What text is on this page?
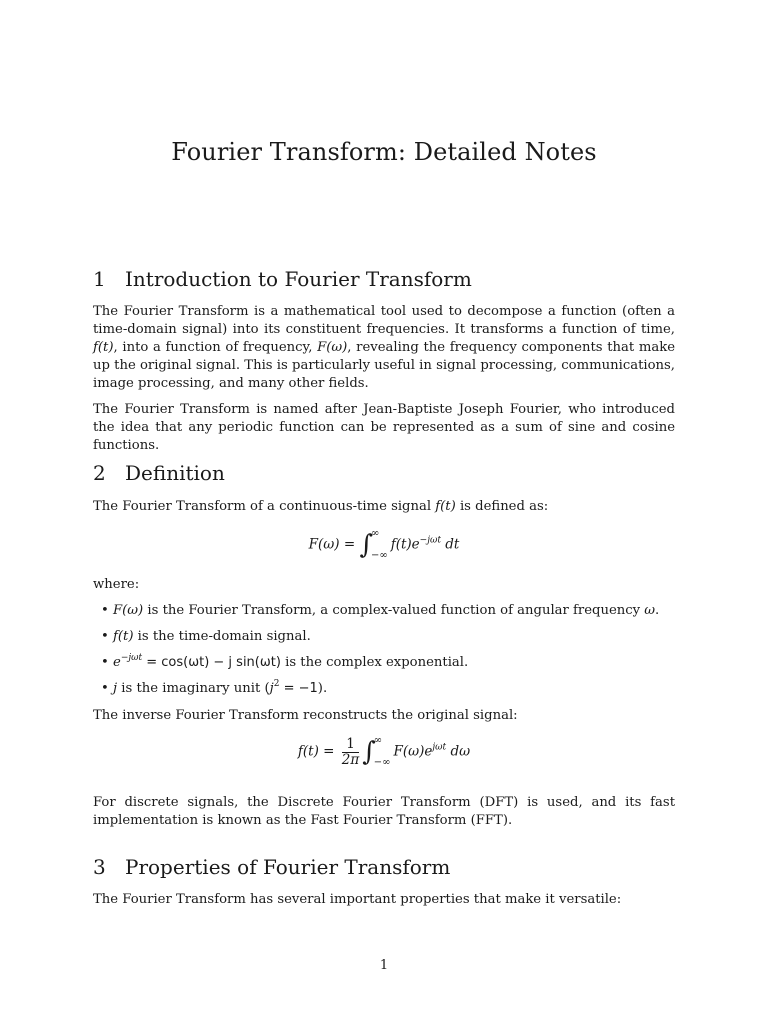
Fourier Transform: Detailed Notes
1 Introduction to Fourier Transform
The Fourier Transform is a mathematical tool used to decompose a function (often a time-domain signal) into its constituent frequencies. It transforms a function of time, f(t), into a function of frequency, F(ω), revealing the frequency components that make up the original signal. This is particularly useful in signal processing, communications, image processing, and many other fields.
The Fourier Transform is named after Jean-Baptiste Joseph Fourier, who introduced the idea that any periodic function can be represented as a sum of sine and cosine functions.
2 Definition
The Fourier Transform of a continuous-time signal f(t) is defined as:
F(ω) = ∫
∞
−∞
$f(t)e^{-j\omega t}$ dt
where:
• F(ω) is the Fourier Transform, a complex-valued function of angular frequency ω.
• f(t) is the time-domain signal.
• $e^{-j\omega t} = \cos(\omega t) - j$ sin(ωt) is the complex exponential.
• j is the imaginary unit $(j^2 = -1)$.
The inverse Fourier Transform reconstructs the original signal:
$f(t) = \frac{1}{2\pi}$ ∫
∞
−∞
$F(\omega)e^{j\omega t}$ dω
For discrete signals, the Discrete Fourier Transform (DFT) is used, and its fast implementation is known as the Fast Fourier Transform (FFT).
3 Properties of Fourier Transform
The Fourier Transform has several important properties that make it versatile:
1
